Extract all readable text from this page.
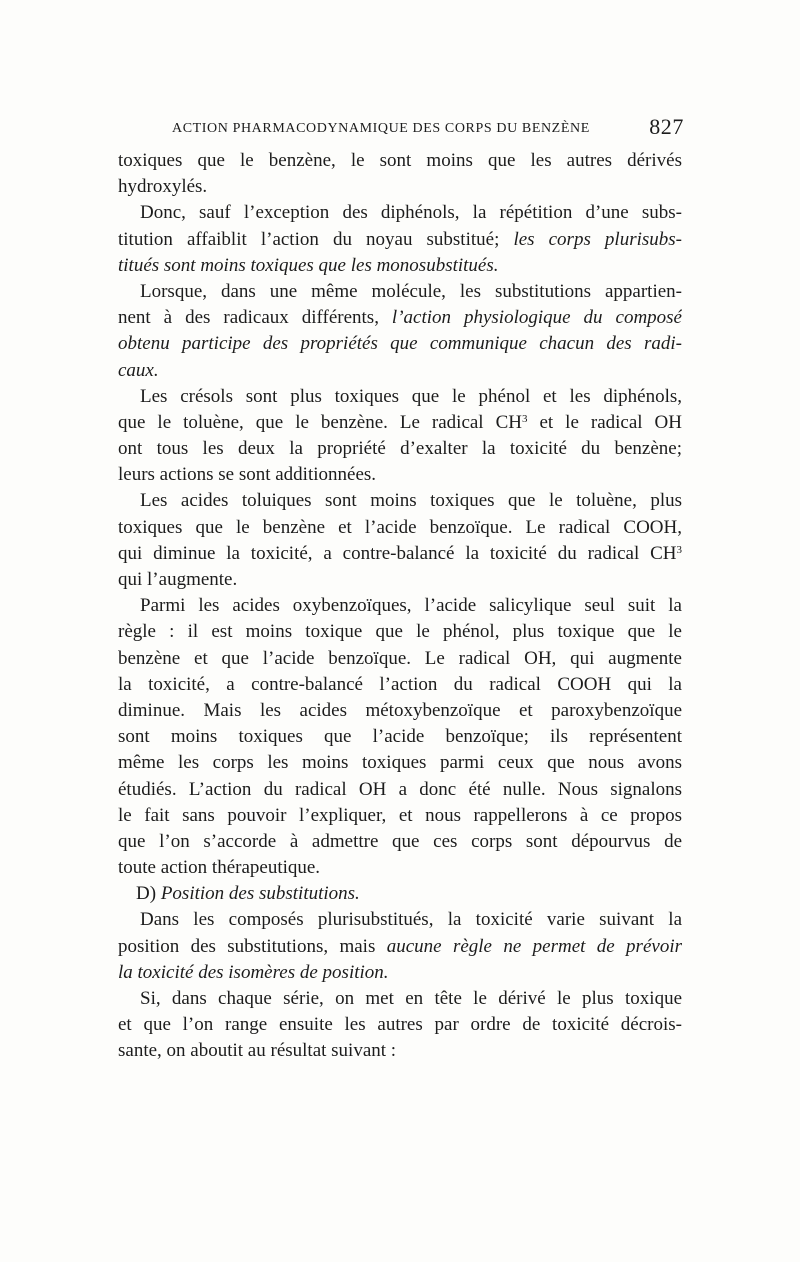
ACTION PHARMACODYNAMIQUE DES CORPS DU BENZÈNE	827
toxiques que le benzène, le sont moins que les autres dérivés
hydroxylés.
Donc, sauf l’exception des diphénols, la répétition d’une subs-
titution affaiblit l’action du noyau substitué; les corps plurisubs-
titués sont moins toxiques que les monosubstitués.
Lorsque, dans une même molécule, les substitutions appartien-
nent à des radicaux différents, l’action physiologique du composé
obtenu participe des propriétés que communique chacun des radi-
caux.
Les crésols sont plus toxiques que le phénol et les diphénols,
que le toluène, que le benzène. Le radical $CH^3$ et le radical OH
ont tous les deux la propriété d’exalter la toxicité du benzène;
leurs actions se sont additionnées.
Les acides toluiques sont moins toxiques que le toluène, plus
toxiques que le benzène et l’acide benzoïque. Le radical COOH,
qui diminue la toxicité, a contre-balancé la toxicité du radical $CH^3$
qui l’augmente.
Parmi les acides oxybenzoïques, l’acide salicylique seul suit la
règle : il est moins toxique que le phénol, plus toxique que le
benzène et que l’acide benzoïque. Le radical OH, qui augmente
la toxicité, a contre-balancé l’action du radical COOH qui la
diminue. Mais les acides métoxybenzoïque et paroxybenzoïque
sont moins toxiques que l’acide benzoïque; ils représentent
même les corps les moins toxiques parmi ceux que nous avons
étudiés. L’action du radical OH a donc été nulle. Nous signalons
le fait sans pouvoir l’expliquer, et nous rappellerons à ce propos
que l’on s’accorde à admettre que ces corps sont dépourvus de
toute action thérapeutique.
D) Position des substitutions.
Dans les composés plurisubstitués, la toxicité varie suivant la
position des substitutions, mais aucune règle ne permet de prévoir
la toxicité des isomères de position.
Si, dans chaque série, on met en tête le dérivé le plus toxique
et que l’on range ensuite les autres par ordre de toxicité décrois-
sante, on aboutit au résultat suivant :
